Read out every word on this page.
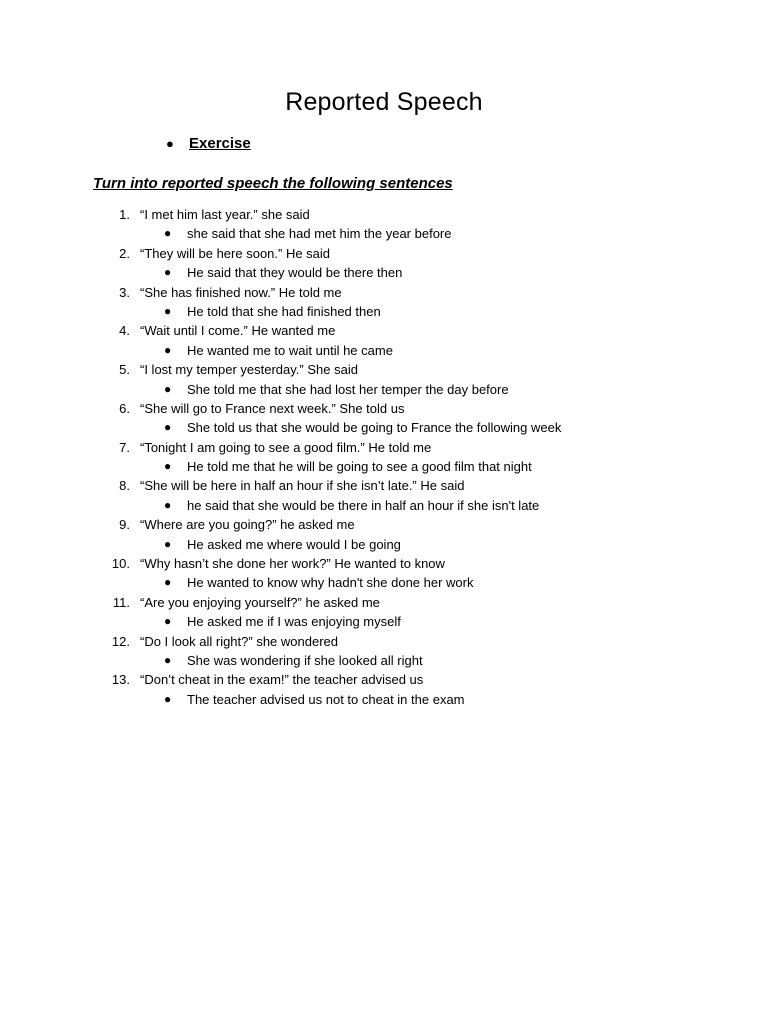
Reported Speech
● Exercise
Turn into reported speech the following sentences
1. “I met him last year.” she said
● she said that she had met him the year before
2. “They will be here soon.” He said
● He said that they would be there then
3. “She has finished now.” He told me
● He told that she had finished then
4. “Wait until I come.” He wanted me
● He wanted me to wait until he came
5. “I lost my temper yesterday.” She said
● She told me that she had lost her temper the day before
6. “She will go to France next week.” She told us
● She told us that she would be going to France the following week
7. “Tonight I am going to see a good film.” He told me
● He told me that he will be going to see a good film that night
8. “She will be here in half an hour if she isn’t late.” He said
● he said that she would be there in half an hour if she isn't late
9. “Where are you going?” he asked me
● He asked me where would I be going
10. “Why hasn’t she done her work?” He wanted to know
● He wanted to know why hadn't she done her work
11. “Are you enjoying yourself?” he asked me
● He asked me if I was enjoying myself
12. “Do I look all right?” she wondered
● She was wondering if she looked all right
13. “Don’t cheat in the exam!” the teacher advised us
● The teacher advised us not to cheat in the exam
